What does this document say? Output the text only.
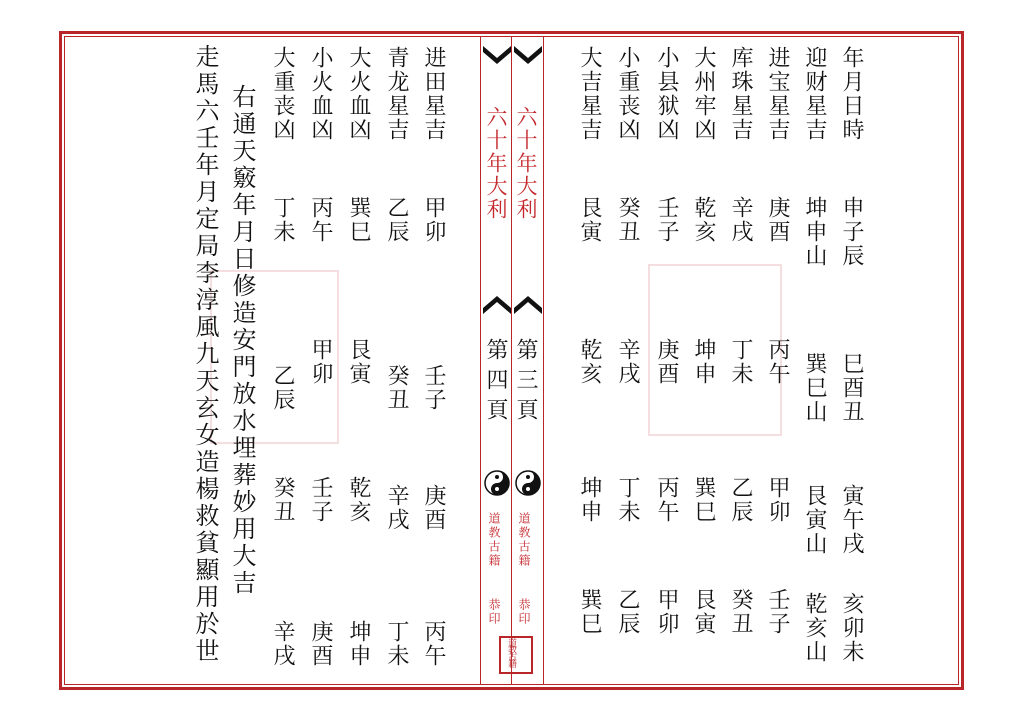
六十年大利
六十年大利
第三頁
第四頁
道教古籍
道教古籍
恭印
恭印
道教古籍
年月日時
申子辰
巳酉丑
寅午戌
亥卯未
迎财星吉
坤申山
巽巳山
艮寅山
乾亥山
进宝星吉
庚酉
丙午
甲卯
壬子
库珠星吉
辛戌
丁未
乙辰
癸丑
大州牢凶
乾亥
坤申
巽巳
艮寅
小县狱凶
壬子
庚酉
丙午
甲卯
小重丧凶
癸丑
辛戌
丁未
乙辰
大吉星吉
艮寅
乾亥
坤申
巽巳
进田星吉
甲卯
壬子
庚酉
丙午
青龙星吉
乙辰
癸丑
辛戌
丁未
大火血凶
巽巳
艮寅
乾亥
坤申
小火血凶
丙午
甲卯
壬子
庚酉
大重丧凶
丁未
乙辰
癸丑
辛戌
右通天竅年月日修造安門放水埋葬妙用大吉
走馬六壬年月定局李淳風九天玄女造楊救貧顯用於世
